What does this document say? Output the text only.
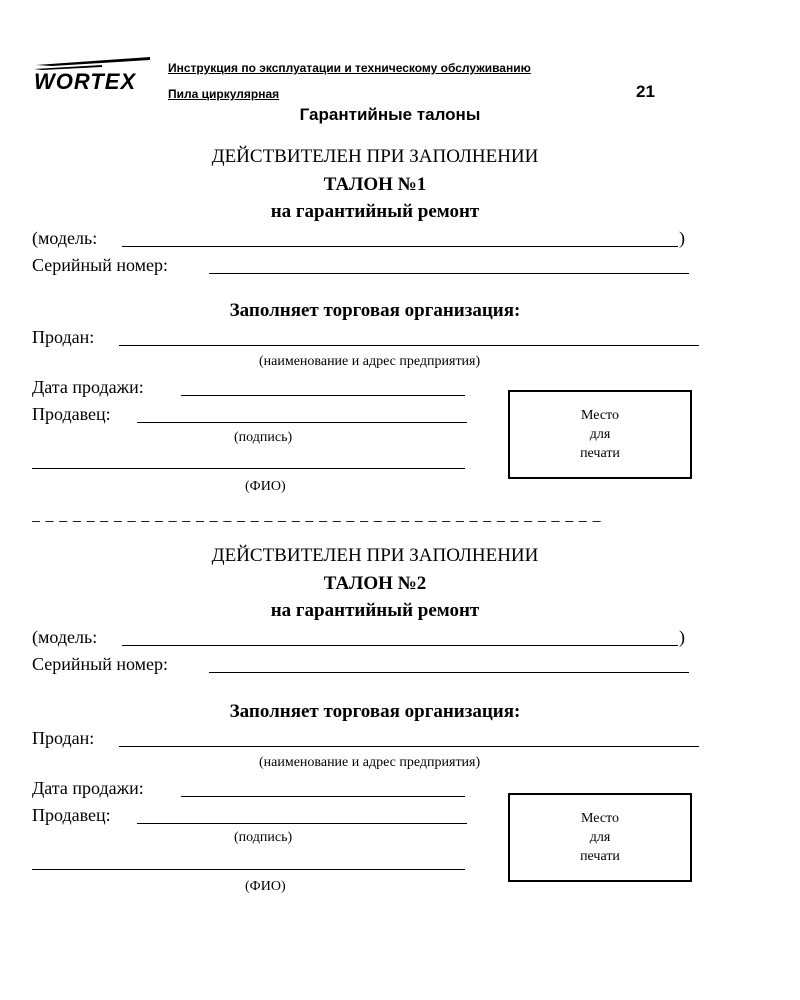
WORTEX
Инструкция по эксплуатации и техническому обслуживанию
Пила циркулярная	21
Гарантийные талоны
ДЕЙСТВИТЕЛЕН ПРИ ЗАПОЛНЕНИИ
ТАЛОН №1
на гарантийный ремонт
(модель:	)
Серийный номер:
Заполняет торговая организация:
Продан:
(наименование и адрес предприятия)
Дата продажи:
Продавец:
(подпись)
(ФИО)
Место
для
печати
_ _ _ _ _ _ _ _ _ _ _ _ _ _ _ _ _ _ _ _ _ _ _ _ _ _ _ _ _ _ _ _ _ _ _ _ _ _ _ _ _ _
ДЕЙСТВИТЕЛЕН ПРИ ЗАПОЛНЕНИИ
ТАЛОН №2
на гарантийный ремонт
(модель:	)
Серийный номер:
Заполняет торговая организация:
Продан:
(наименование и адрес предприятия)
Дата продажи:
Продавец:
(подпись)
(ФИО)
Место
для
печати
